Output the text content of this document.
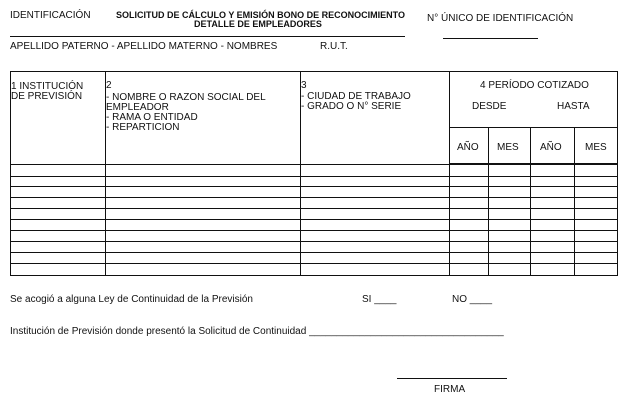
IDENTIFICACIÓN	SOLICITUD DE CÁLCULO Y EMISIÓN BONO DE RECONOCIMIENTO
DETALLE DE EMPLEADORES	N° ÚNICO DE IDENTIFICACIÓN
APELLIDO PATERNO - APELLIDO MATERNO - NOMBRES	R.U.T.
1 INSTITUCIÓN
DE PREVISIÓN
2
- NOMBRE O RAZON SOCIAL DEL
EMPLEADOR
- RAMA O ENTIDAD
- REPARTICION
3
- CIUDAD DE TRABAJO
- GRADO O N° SERIE
4 PERÍODO COTIZADO
DESDE	HASTA
AÑO MES AÑO MES
Se acogió a alguna Ley de Continuidad de la Previsión	SI ____	NO ____
Institución de Previsión donde presentó la Solicitud de Continuidad ___________________________________
FIRMA
